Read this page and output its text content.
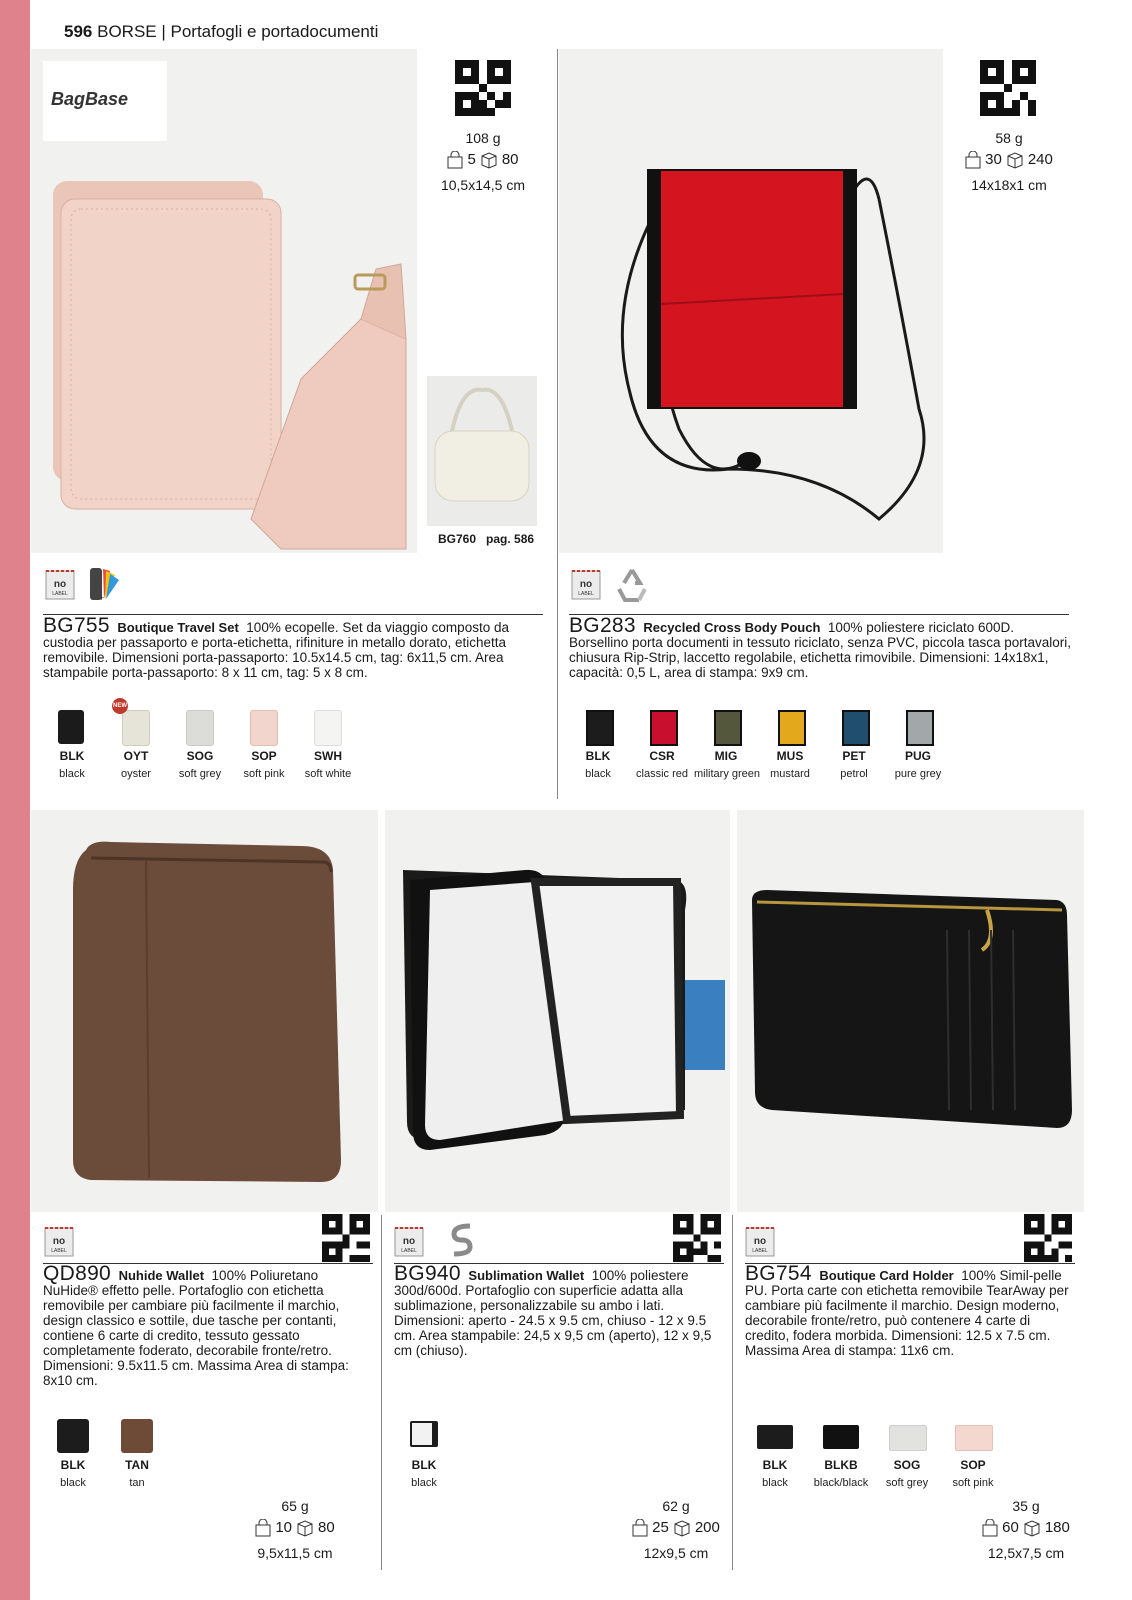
596 BORSE | Portafogli e portadocumenti
BagBase
108 g
5 80
10,5x14,5 cm
BG760 pag. 586
no
LABEL	+
BG755 Boutique Travel Set 100% ecopelle. Set da viaggio composto da custodia per passaporto e porta-etichetta, rifiniture in metallo dorato, etichetta removibile. Dimensioni porta-passaporto: 10.5x14.5 cm, tag: 6x11,5 cm. Area stampabile porta-passaporto: 8 x 11 cm, tag: 5 x 8 cm.
BLK
black
NEW
OYT
oyster
SOG
soft grey
SOP
soft pink
SWH
soft white
58 g
30 240
14x18x1 cm
no
LABEL
BG283 Recycled Cross Body Pouch 100% poliestere riciclato 600D. Borsellino porta documenti in tessuto riciclato, senza PVC, piccola tasca portavalori, chiusura Rip-Strip, laccetto regolabile, etichetta rimovibile. Dimensioni: 14x18x1, capacità: 0,5 L, area di stampa: 9x9 cm.
BLK
black
CSR
classic red
MIG
military green
MUS
mustard
PET
petrol
PUG
pure grey
no
LABEL
QD890 Nuhide Wallet 100% Poliuretano NuHide® effetto pelle. Portafoglio con etichetta removibile per cambiare più facilmente il marchio, design classico e sottile, due tasche per contanti, contiene 6 carte di credito, tessuto gessato completamente foderato, decorabile fronte/retro. Dimensioni: 9.5x11.5 cm. Massima Area di stampa: 8x10 cm.
BLK
black
TAN
tan
65 g
10 80
9,5x11,5 cm
no
LABEL
BG940 Sublimation Wallet 100% poliestere 300d/600d. Portafoglio con superficie adatta alla sublimazione, personalizzabile su ambo i lati. Dimensioni: aperto - 24.5 x 9.5 cm, chiuso - 12 x 9.5 cm. Area stampabile: 24,5 x 9,5 cm (aperto), 12 x 9,5 cm (chiuso).
BLK
black
62 g
25 200
12x9,5 cm
no
LABEL
BG754 Boutique Card Holder 100% Simil-pelle PU. Porta carte con etichetta removibile TearAway per cambiare più facilmente il marchio. Design moderno, decorabile fronte/retro, può contenere 4 carte di credito, fodera morbida. Dimensioni: 12.5 x 7.5 cm. Massima Area di stampa: 11x6 cm.
BLK
black
BLKB
black/black
SOG
soft grey
SOP
soft pink
35 g
60 180
12,5x7,5 cm
